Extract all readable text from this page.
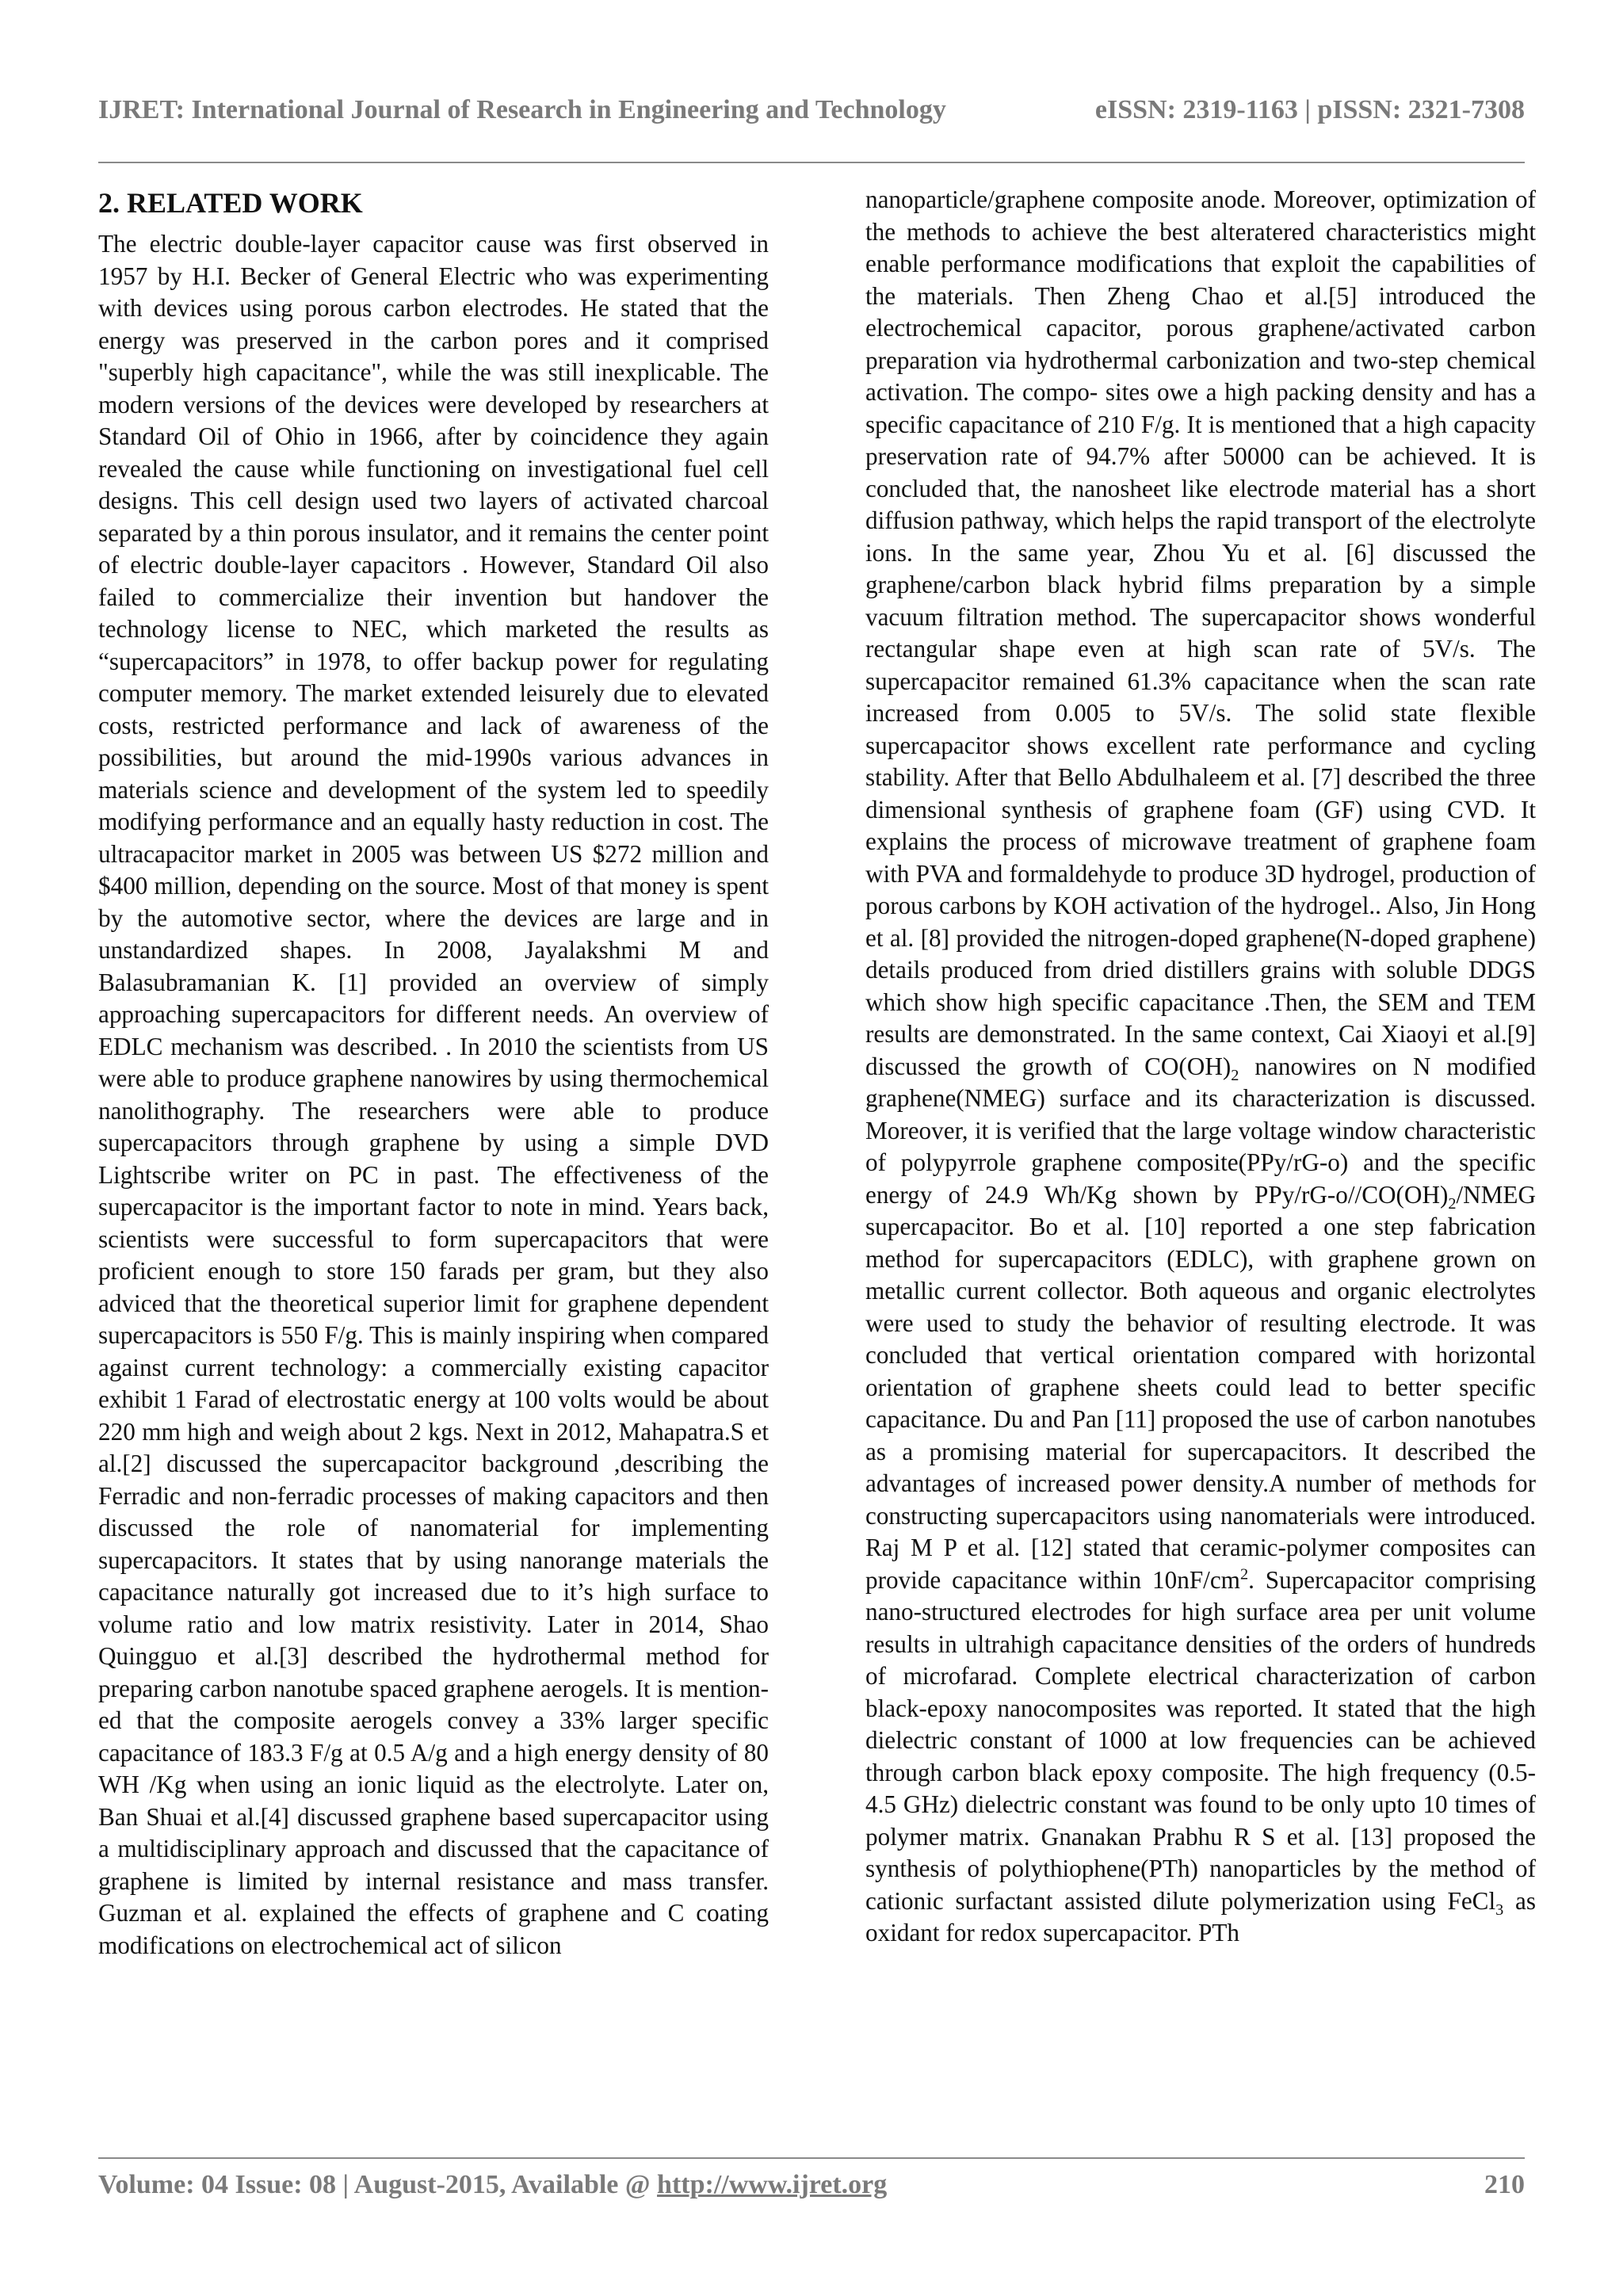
IJRET: International Journal of Research in Engineering and Technology	eISSN: 2319-1163 | pISSN: 2321-7308
2. RELATED WORK

The electric double-layer capacitor cause was first observed in 1957 by H.I. Becker of General Electric who was experimenting with devices using porous carbon electrodes. He stated that the energy was preserved in the carbon pores and it comprised "superbly high capacitance", while the was still inexplicable. The modern versions of the devices were developed by researchers at Standard Oil of Ohio in 1966, after by coincidence they again revealed the cause while functioning on investigational fuel cell designs. This cell design used two layers of activated charcoal separated by a thin porous insulator, and it remains the center point of electric double-layer capacitors . However, Standard Oil also failed to commercialize their invention but handover the technology license to NEC, which marketed the results as “supercapacitors” in 1978, to offer backup power for regulating computer memory. The market extended leisurely due to elevated costs, restricted performance and lack of awareness of the possibilities, but around the mid-1990s various advances in materials science and development of the system led to speedily modifying performance and an equally hasty reduction in cost. The ultracapacitor market in 2005 was between US $272 million and $400 million, depending on the source. Most of that money is spent by the automotive sector, where the devices are large and in unstandardized shapes. In 2008, Jayalakshmi M and Balasubramanian K. [1] provided an overview of simply approaching supercapacitors for different needs. An overview of EDLC mechanism was described. . In 2010 the scientists from US were able to produce graphene nanowires by using thermochemical nanolithography. The researchers were able to produce supercapacitors through graphene by using a simple DVD Lightscribe writer on PC in past. The effectiveness of the supercapacitor is the important factor to note in mind. Years back, scientists were successful to form supercapacitors that were proficient enough to store 150 farads per gram, but they also adviced that the theoretical superior limit for graphene dependent supercapacitors is 550 F/g. This is mainly inspiring when compared against current technology: a commercially existing capacitor exhibit 1 Farad of electrostatic energy at 100 volts would be about 220 mm high and weigh about 2 kgs. Next in 2012, Mahapatra.S et al.[2] discussed the supercapacitor background ,describing the Ferradic and non-ferradic processes of making capacitors and then discussed the role of nanomaterial for implementing supercapacitors. It states that by using nanorange materials the capacitance naturally got increased due to it’s high surface to volume ratio and low matrix resistivity. Later in 2014, Shao Quingguo et al.[3] described the hydrothermal method for preparing carbon nanotube spaced graphene aerogels. It is mention- ed that the composite aerogels convey a 33% larger specific capacitance of 183.3 F/g at 0.5 A/g and a high energy density of 80 WH /Kg when using an ionic liquid as the electrolyte. Later on, Ban Shuai et al.[4] discussed graphene based supercapacitor using a multidisciplinary approach and discussed that the capacitance of graphene is limited by internal resistance and mass transfer. Guzman et al. explained the effects of graphene and C coating modifications on electrochemical act of silicon

nanoparticle/graphene composite anode. Moreover, optimization of the methods to achieve the best alteratered characteristics might enable performance modifications that exploit the capabilities of the materials. Then Zheng Chao et al.[5] introduced the electrochemical capacitor, porous graphene/activated carbon preparation via hydrothermal carbonization and two-step chemical activation. The compo- sites owe a high packing density and has a specific capacitance of 210 F/g. It is mentioned that a high capacity preservation rate of 94.7% after 50000 can be achieved. It is concluded that, the nanosheet like electrode material has a short diffusion pathway, which helps the rapid transport of the electrolyte ions. In the same year, Zhou Yu et al. [6] discussed the graphene/carbon black hybrid films preparation by a simple vacuum filtration method. The supercapacitor shows wonderful rectangular shape even at high scan rate of 5V/s. The supercapacitor remained 61.3% capacitance when the scan rate increased from 0.005 to 5V/s. The solid state flexible supercapacitor shows excellent rate performance and cycling stability. After that Bello Abdulhaleem et al. [7] described the three dimensional synthesis of graphene foam (GF) using CVD. It explains the process of microwave treatment of graphene foam with PVA and formaldehyde to produce 3D hydrogel, production of porous carbons by KOH activation of the hydrogel.. Also, Jin Hong et al. [8] provided the nitrogen-doped graphene(N-doped graphene) details produced from dried distillers grains with soluble DDGS which show high specific capacitance .Then, the SEM and TEM results are demonstrated. In the same context, Cai Xiaoyi et al.[9] discussed the growth of $CO(OH)_2$ nanowires on N modified graphene(NMEG) surface and its characterization is discussed. Moreover, it is verified that the large voltage window characteristic of polypyrrole graphene composite(PPy/rG-o) and the specific energy of 24.9 Wh/Kg shown by PPy/$rG-o//CO(OH)_2$/NMEG supercapacitor. Bo et al. [10] reported a one step fabrication method for supercapacitors (EDLC), with graphene grown on metallic current collector. Both aqueous and organic electrolytes were used to study the behavior of resulting electrode. It was concluded that vertical orientation compared with horizontal orientation of graphene sheets could lead to better specific capacitance. Du and Pan [11] proposed the use of carbon nanotubes as a promising material for supercapacitors. It described the advantages of increased power density.A number of methods for constructing supercapacitors using nanomaterials were introduced. Raj M P et al. [12] stated that ceramic-polymer composites can provide capacitance within $10nF/cm^2$. Supercapacitor comprising nano-structured electrodes for high surface area per unit volume results in ultrahigh capacitance densities of the orders of hundreds of microfarad. Complete electrical characterization of carbon black-epoxy nanocomposites was reported. It stated that the high dielectric constant of 1000 at low frequencies can be achieved through carbon black epoxy composite. The high frequency (0.5-4.5 GHz) dielectric constant was found to be only upto 10 times of polymer matrix. Gnanakan Prabhu R S et al. [13] proposed the synthesis of polythiophene(PTh) nanoparticles by the method of cationic surfactant assisted dilute polymerization using FeCl$_3$ as oxidant for redox supercapacitor. PTh

Volume: 04 Issue: 08 | August-2015, Available @ http://www.ijret.org	210
